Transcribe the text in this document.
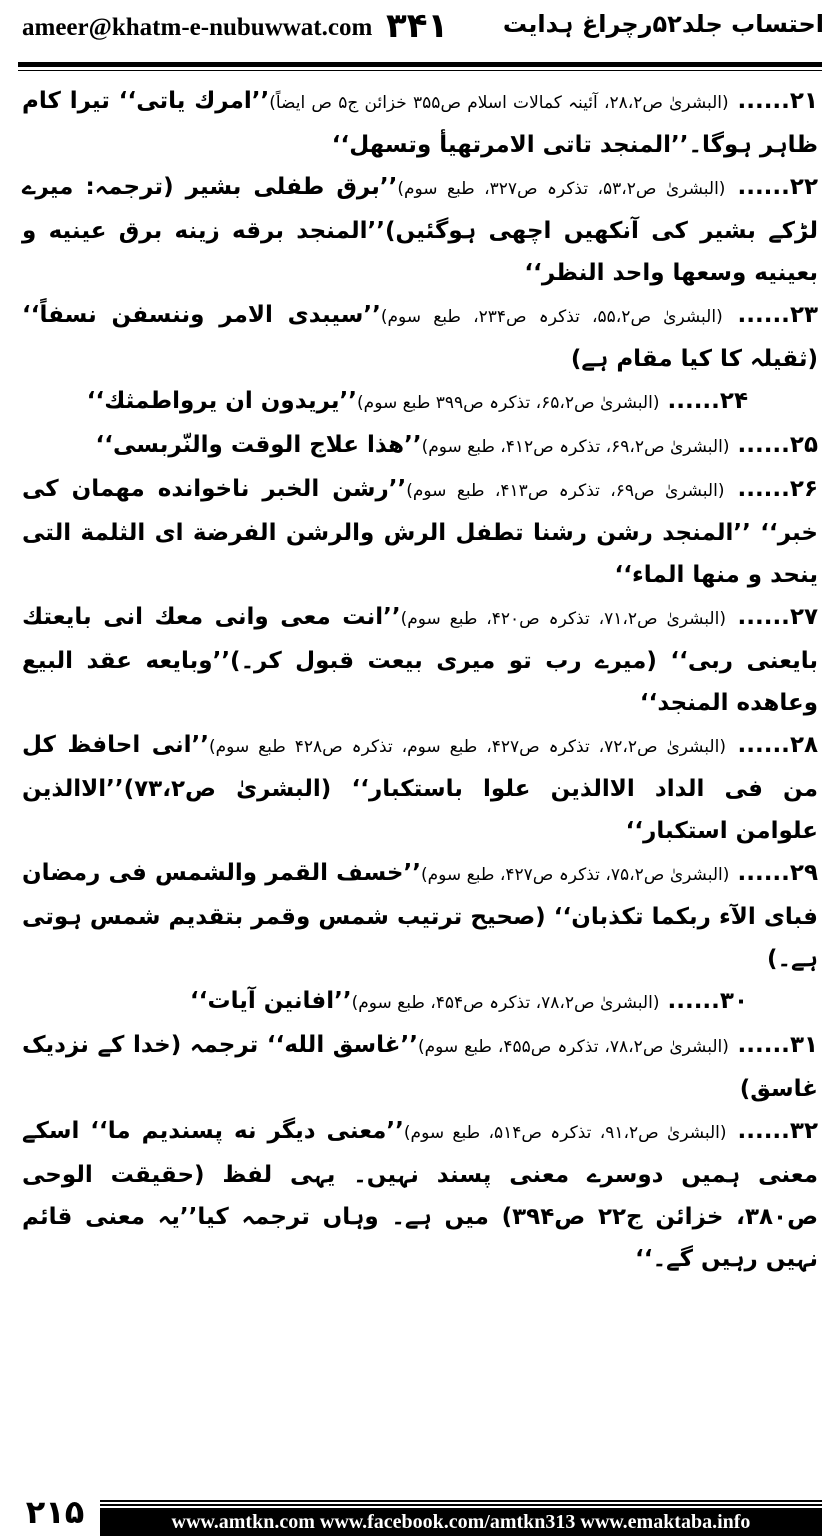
ameer@khatm-e-nubuwwat.com ۳۴۱ احتساب جلد۵۲رچراغ ہدایت

۲۱...... (البشریٰ ص۲۸،۲، آئینہ کمالات اسلام ص۳۵۵ خزائن ج۵ ص ایضاً)’’امرك یاتی‘‘ تیرا کام ظاہر ہوگا۔’’المنجد تاتی الامرتهیأ وتسهل‘‘

۲۲...... (البشریٰ ص۵۳،۲، تذکرہ ص۳۲۷، طبع سوم)’’برق طفلی بشیر (ترجمہ: میرے لڑکے بشیر کی آنکھیں اچھی ہوگئیں)’’المنجد برقه زینه برق عینیه و بعینیه وسعها واحد النظر‘‘

۲۳...... (البشریٰ ص۵۵،۲، تذکرہ ص۲۳۴، طبع سوم)’’سیبدی الامر وننسفن نسفاً‘‘ (ثقیلہ کا کیا مقام ہے)

۲۴...... (البشریٰ ص۶۵،۲، تذکرہ ص۳۹۹ طبع سوم)’’یریدون ان یرواطمثك‘‘

۲۵...... (البشریٰ ص۶۹،۲، تذکرہ ص۴۱۲، طبع سوم)’’هذا علاج الوقت والنّربسی‘‘

۲۶...... (البشریٰ ص۶۹، تذکرہ ص۴۱۳، طبع سوم)’’رشن الخبر ناخوانده مهمان کی خبر‘‘ ’’المنجد رشن رشنا تطفل الرش والرشن الفرضة ای الثلمة التی ینحد و منها الماء‘‘

۲۷...... (البشریٰ ص۷۱،۲، تذکرہ ص۴۲۰، طبع سوم)’’انت معی وانی معك انی بایعتك بایعنی ربی‘‘ (میرے رب تو میری بیعت قبول کر۔)’’وبایعه عقد البیع وعاهده المنجد‘‘

۲۸...... (البشریٰ ص۷۲،۲، تذکرہ ص۴۲۷، طبع سوم، تذکرہ ص۴۲۸ طبع سوم)’’انی احافظ کل من فی الداد الاالذین علوا باستکبار‘‘ (البشریٰ ص۷۳،۲)’’الاالذین علوامن استکبار‘‘

۲۹...... (البشریٰ ص۷۵،۲، تذکرہ ص۴۲۷، طبع سوم)’’خسف القمر والشمس فی رمضان فبای الآء ربکما تکذبان‘‘ (صحیح ترتیب شمس وقمر بتقدیم شمس ہوتی ہے۔)

۳۰...... (البشریٰ ص۷۸،۲، تذکرہ ص۴۵۴، طبع سوم)’’افانین آیات‘‘

۳۱...... (البشریٰ ص۷۸،۲، تذکرہ ص۴۵۵، طبع سوم)’’غاسق الله‘‘ ترجمہ (خدا کے نزدیک غاسق)

۳۲...... (البشریٰ ص۹۱،۲، تذکرہ ص۵۱۴، طبع سوم)’’معنی دیگر نه پسندیم ما‘‘ اسکے معنی ہمیں دوسرے معنی پسند نہیں۔ یہی لفظ (حقیقت الوحی ص۳۸۰، خزائن ج۲۲ ص۳۹۴) میں ہے۔ وہاں ترجمہ کیا’’یہ معنی قائم نہیں رہیں گے۔‘‘

۲۱۵	www.amtkn.com www.facebook.com/amtkn313 www.emaktaba.info
